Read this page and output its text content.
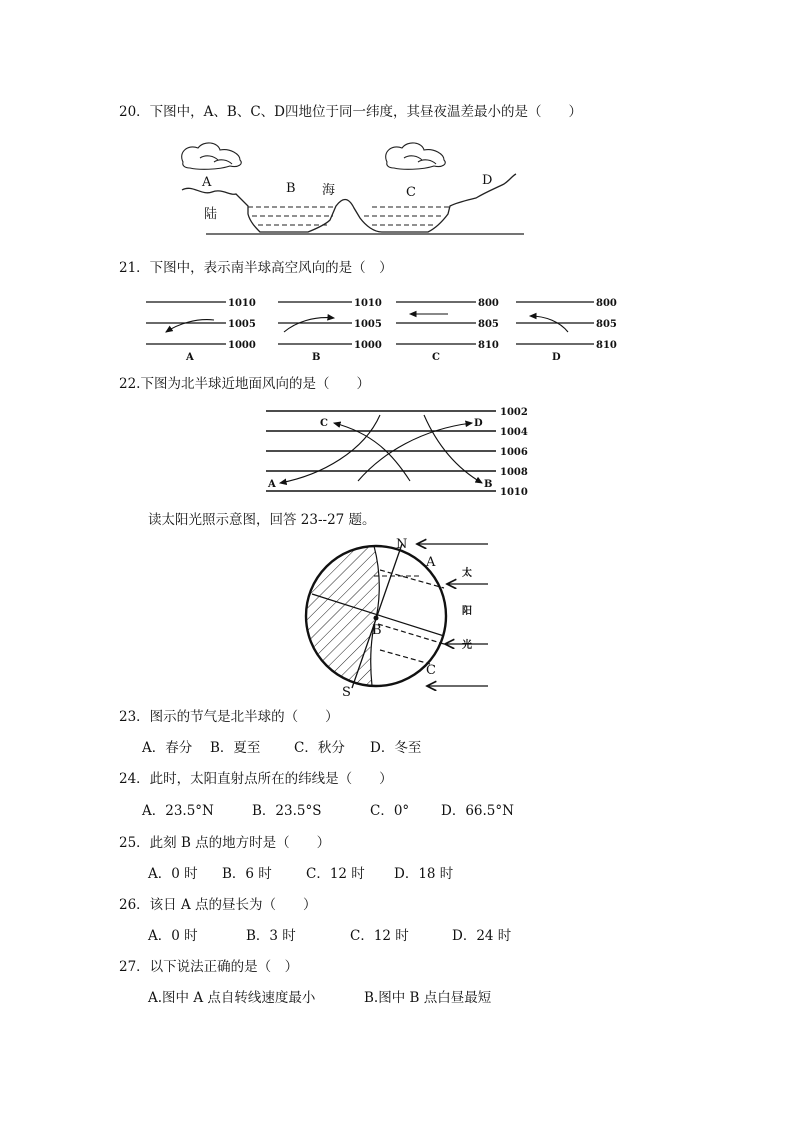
20．下图中，A、B、C、D四地位于同一纬度，其昼夜温差最小的是（　　）
A	B 海	C
D
陆
21．下图中，表示南半球高空风向的是（　）
1010
1005
1000
A
1010
1005
1000
B
800
805
810
C
800
805
810
D
22.下图为北半球近地面风向的是（　　）
1002
1004
1006
1008
1010
C	D
A	B
读太阳光照示意图，回答 23--27 题。
N
A
B
C
S
太
阳
光
23．图示的节气是北半球的（　　）
A．春分 B．夏至 C．秋分 D．冬至
24．此时，太阳直射点所在的纬线是（　　）
A．23.5°N	B．23.5°S	C．0° D．66.5°N
25．此刻 B 点的地方时是（　　）
A．0 时 B．6 时	C．12 时 D．18 时
26．该日 A 点的昼长为（　　）
A．0 时	B．3 时	C．12 时	D．24 时
27．以下说法正确的是（　）
A.图中 A 点自转线速度最小	B.图中 B 点白昼最短
